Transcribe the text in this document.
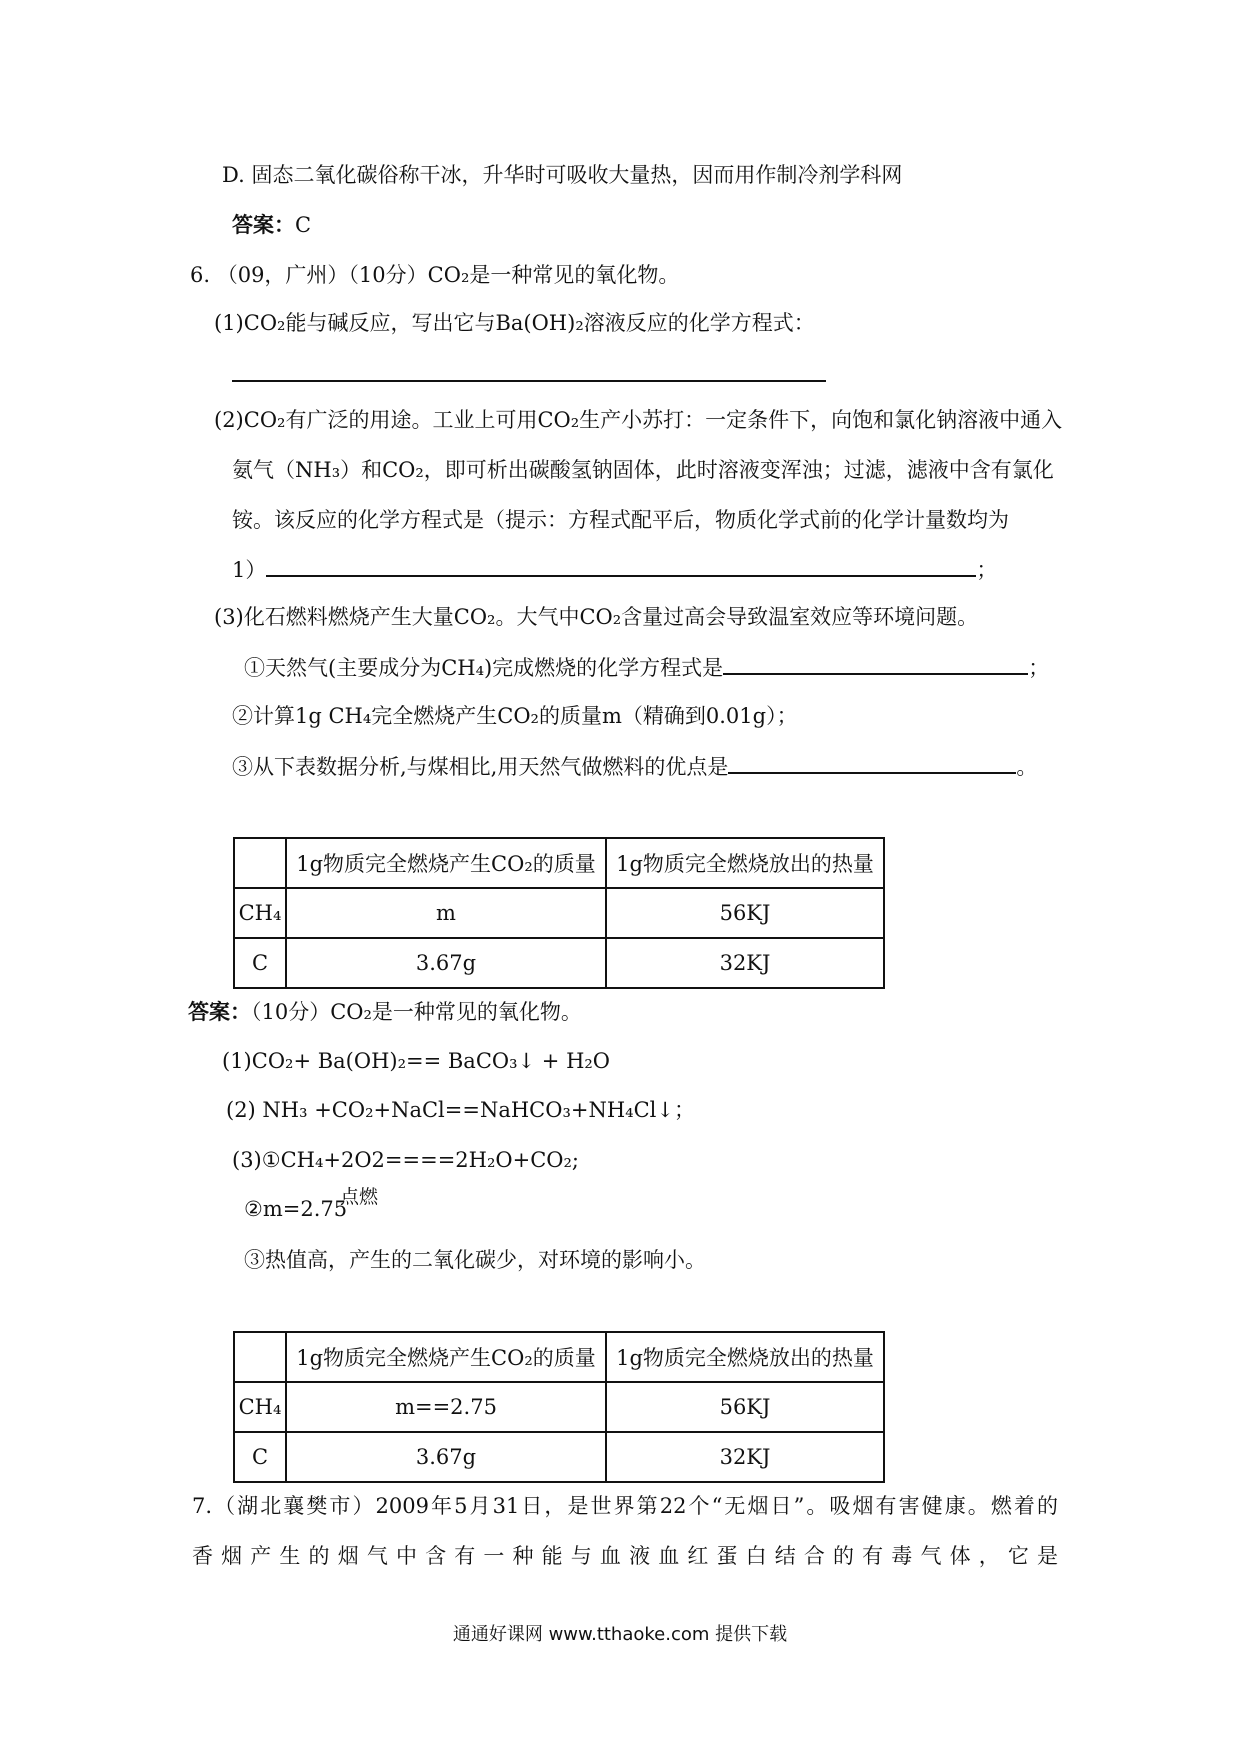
D. 固态二氧化碳俗称干冰，升华时可吸收大量热，因而用作制冷剂学科网
答案：C
6. （09，广州）（10分）CO₂是一种常见的氧化物。
(1)CO₂能与碱反应，写出它与Ba(OH)₂溶液反应的化学方程式：
(2)CO₂有广泛的用途。工业上可用CO₂生产小苏打：一定条件下，向饱和氯化钠溶液中通入
氨气（NH₃）和CO₂，即可析出碳酸氢钠固体，此时溶液变浑浊；过滤，滤液中含有氯化
铵。该反应的化学方程式是（提示：方程式配平后，物质化学式前的化学计量数均为
1）	；
(3)化石燃料燃烧产生大量CO₂。大气中CO₂含量过高会导致温室效应等环境问题。
①天然气(主要成分为CH₄)完成燃烧的化学方程式是	；
②计算1g CH₄完全燃烧产生CO₂的质量m（精确到0.01g）；
③从下表数据分析,与煤相比,用天然气做燃料的优点是	。
	1g物质完全燃烧产生CO₂的质量	1g物质完全燃烧放出的热量
CH₄	m	56KJ
C	3.67g	32KJ
答案：（10分）CO₂是一种常见的氧化物。
(1)CO₂+ Ba(OH)₂== BaCO₃↓ + H₂O
(2) NH₃ +CO₂+NaCl==NaHCO₃+NH₄Cl↓；
(3)①CH₄+2O2====2H₂O+CO₂;
②m=2.75
点燃
③热值高，产生的二氧化碳少，对环境的影响小。
	1g物质完全燃烧产生CO₂的质量	1g物质完全燃烧放出的热量
CH₄	m==2.75	56KJ
C	3.67g	32KJ
7.（湖北襄樊市）2009年5月31日，是世界第22个“无烟日”。吸烟有害健康。燃着的
香烟产生的烟气中含有一种能与血液血红蛋白结合的有毒气体，它是
通通好课网 www.tthaoke.com 提供下载
